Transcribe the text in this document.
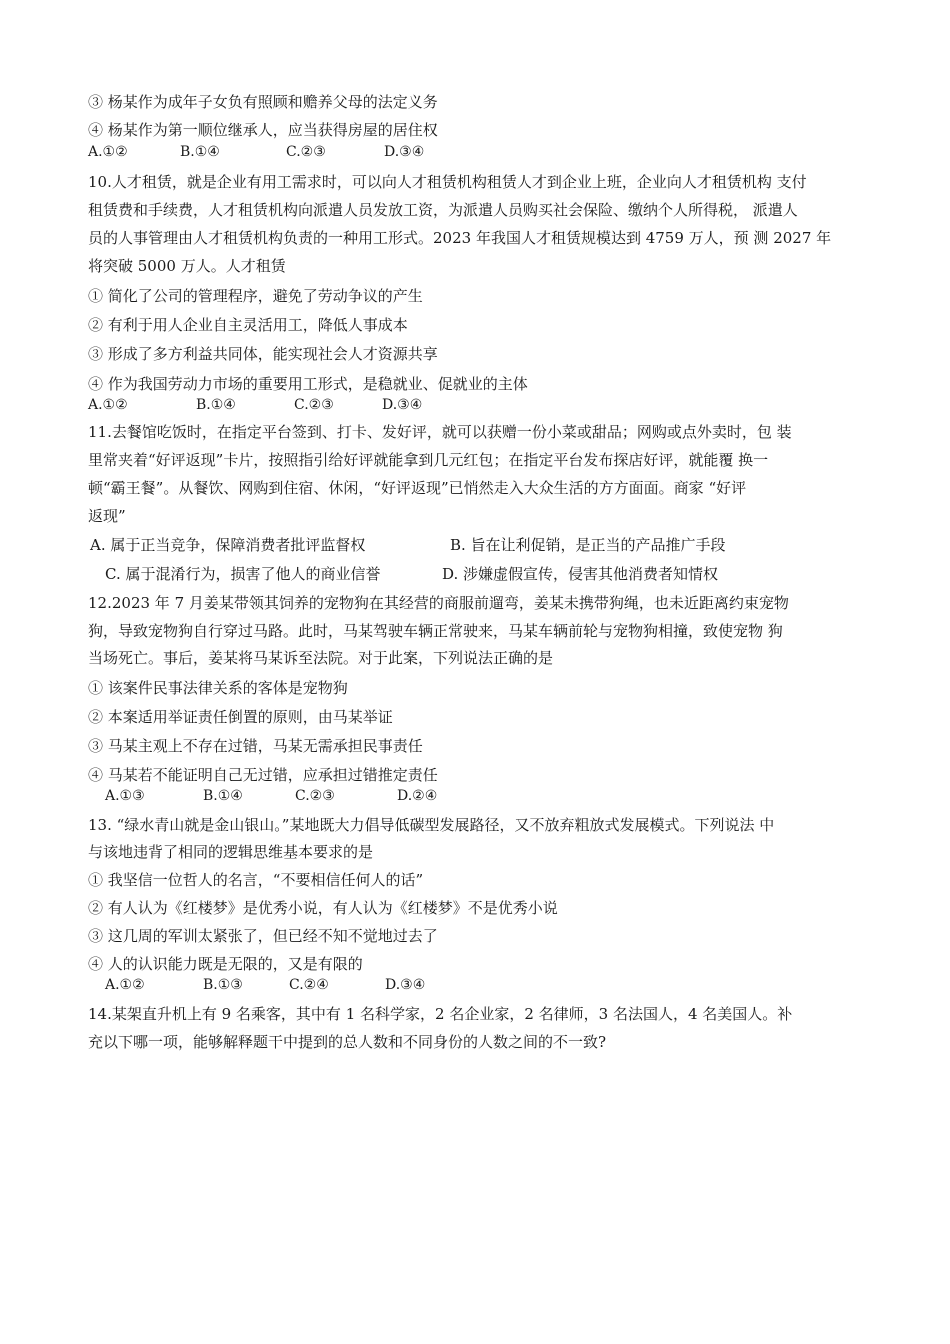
③ 杨某作为成年子女负有照顾和赡养父母的法定义务
④ 杨某作为第一顺位继承人，应当获得房屋的居住权
A.①②	B.①④	C.②③	D.③④
10.人才租赁，就是企业有用工需求时，可以向人才租赁机构租赁人才到企业上班，企业向人才租赁机构 支付
租赁费和手续费，人才租赁机构向派遣人员发放工资，为派遣人员购买社会保险、缴纳个人所得税， 派遣人
员的人事管理由人才租赁机构负责的一种用工形式。2023 年我国人才租赁规模达到 4759 万人，预 测 2027 年
将突破 5000 万人。人才租赁
① 简化了公司的管理程序，避免了劳动争议的产生
② 有利于用人企业自主灵活用工，降低人事成本
③ 形成了多方利益共同体，能实现社会人才资源共享
④ 作为我国劳动力市场的重要用工形式，是稳就业、促就业的主体
A.①②	B.①④	C.②③	D.③④
11.去餐馆吃饭时，在指定平台签到、打卡、发好评，就可以获赠一份小菜或甜品；网购或点外卖时，包 装
里常夹着“好评返现”卡片，按照指引给好评就能拿到几元红包；在指定平台发布探店好评，就能覆 换一
顿“霸王餐”。从餐饮、网购到住宿、休闲，“好评返现”已悄然走入大众生活的方方面面。商家 “好评
返现”
A. 属于正当竞争，保障消费者批评监督权	B. 旨在让利促销，是正当的产品推广手段
C. 属于混淆行为，损害了他人的商业信誉	D. 涉嫌虚假宣传，侵害其他消费者知情权
12.2023 年 7 月姜某带领其饲养的宠物狗在其经营的商服前遛弯，姜某未携带狗绳，也未近距离约束宠物
狗，导致宠物狗自行穿过马路。此时，马某驾驶车辆正常驶来，马某车辆前轮与宠物狗相撞，致使宠物 狗
当场死亡。事后，姜某将马某诉至法院。对于此案，下列说法正确的是
① 该案件民事法律关系的客体是宠物狗
② 本案适用举证责任倒置的原则，由马某举证
③ 马某主观上不存在过错，马某无需承担民事责任
④ 马某若不能证明自己无过错，应承担过错推定责任
A.①③	B.①④	C.②③	D.②④
13. “绿水青山就是金山银山。”某地既大力倡导低碳型发展路径，又不放弃粗放式发展模式。下列说法 中
与该地违背了相同的逻辑思维基本要求的是
① 我坚信一位哲人的名言，“不要相信任何人的话”
② 有人认为《红楼梦》是优秀小说，有人认为《红楼梦》不是优秀小说
③ 这几周的军训太紧张了，但已经不知不觉地过去了
④ 人的认识能力既是无限的，又是有限的
A.①②	B.①③	C.②④	D.③④
14.某架直升机上有 9 名乘客，其中有 1 名科学家，2 名企业家，2 名律师，3 名法国人，4 名美国人。补
充以下哪一项，能够解释题干中提到的总人数和不同身份的人数之间的不一致?
